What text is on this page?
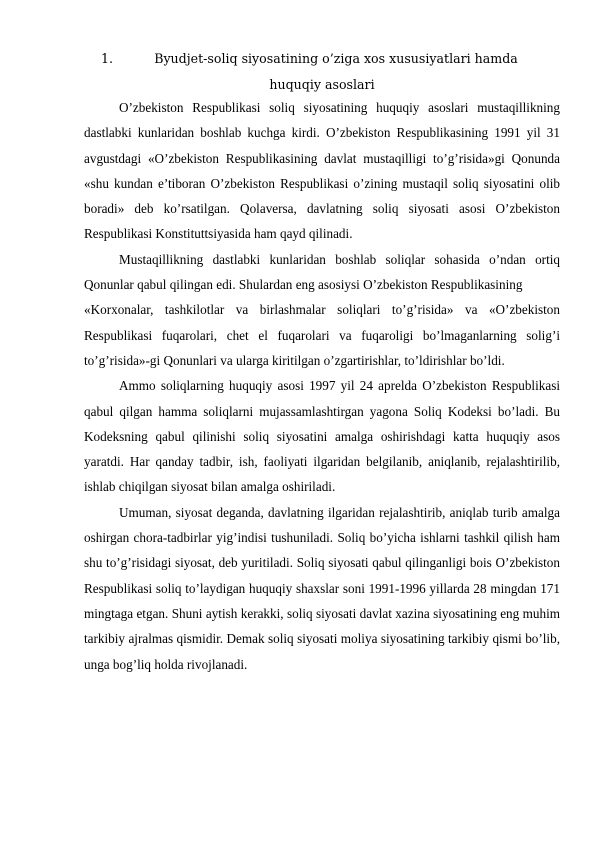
1.	Byudjet-soliq siyosatining o’ziga xos xususiyatlari hamda
huquqiy asoslari

O’zbekiston Respublikasi soliq siyosatining huquqiy asoslari mustaqillikning dastlabki kunlaridan boshlab kuchga kirdi. O’zbekiston Respublikasining 1991 yil 31 avgustdagi «O’zbekiston Respublikasining davlat mustaqilligi to’g’risida»gi Qonunda «shu kundan e’tiboran O’zbekiston Respublikasi o’zining mustaqil soliq siyosatini olib boradi» deb ko’rsatilgan. Qolaversa, davlatning soliq siyosati asosi O’zbekiston Respublikasi Konstituttsiyasida ham qayd qilinadi.

Mustaqillikning dastlabki kunlaridan boshlab soliqlar sohasida o’ndan ortiq Qonunlar qabul qilingan edi. Shulardan eng asosiysi O’zbekiston Respublikasining

«Korxonalar, tashkilotlar va birlashmalar soliqlari to’g’risida» va «O’zbekiston Respublikasi fuqarolari, chet el fuqarolari va fuqaroligi bo’lmaganlarning solig’i to’g’risida»-gi Qonunlari va ularga kiritilgan o’zgartirishlar, to’ldirishlar bo’ldi.

Ammo soliqlarning huquqiy asosi 1997 yil 24 aprelda O’zbekiston Respublikasi qabul qilgan hamma soliqlarni mujassamlashtirgan yagona Soliq Kodeksi bo’ladi. Bu Kodeksning qabul qilinishi soliq siyosatini amalga oshirishdagi katta huquqiy asos yaratdi. Har qanday tadbir, ish, faoliyati ilgaridan belgilanib, aniqlanib, rejalashtirilib, ishlab chiqilgan siyosat bilan amalga oshiriladi.

Umuman, siyosat deganda, davlatning ilgaridan rejalashtirib, aniqlab turib amalga oshirgan chora-tadbirlar yig’indisi tushuniladi. Soliq bo’yicha ishlarni tashkil qilish ham shu to’g’risidagi siyosat, deb yuritiladi. Soliq siyosati qabul qilinganligi bois O’zbekiston Respublikasi soliq to’laydigan huquqiy shaxslar soni 1991-1996 yillarda 28 mingdan 171 mingtaga etgan. Shuni aytish kerakki, soliq siyosati davlat xazina siyosatining eng muhim tarkibiy ajralmas qismidir. Demak soliq siyosati moliya siyosatining tarkibiy qismi bo’lib, unga bog’liq holda rivojlanadi.
